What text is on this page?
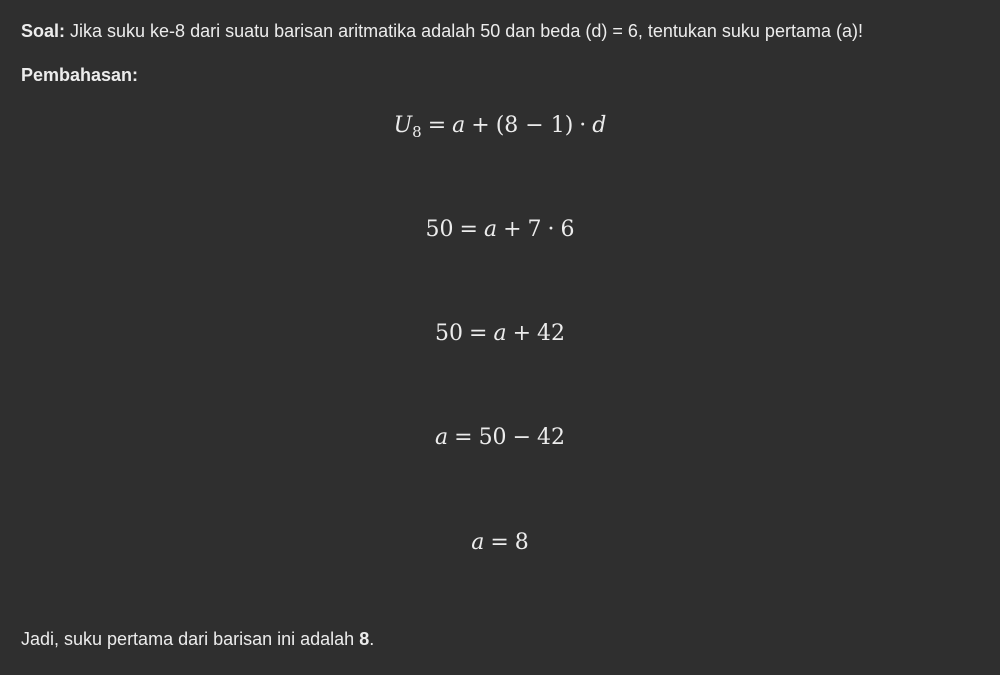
Soal: Jika suku ke-8 dari suatu barisan aritmatika adalah 50 dan beda (d) = 6, tentukan suku pertama (a)!
Pembahasan:
$U_8 = a + (8 - 1) \cdot d$
50 = a + 7 · 6
50 = a + 42
a = 50 − 42
a = 8
Jadi, suku pertama dari barisan ini adalah 8.
